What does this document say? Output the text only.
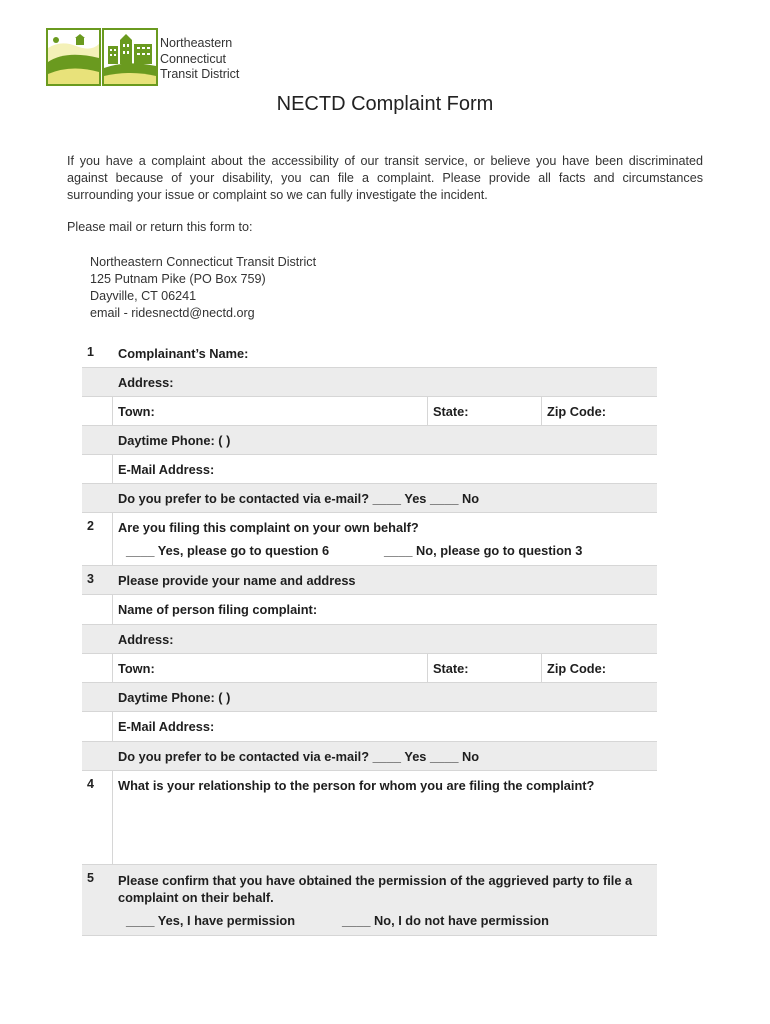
Northeastern
Connecticut
Transit District
NECTD Complaint Form
If you have a complaint about the accessibility of our transit service, or believe you have been discriminated against because of your disability, you can file a complaint. Please provide all facts and circumstances surrounding your issue or complaint so we can fully investigate the incident.
Please mail or return this form to:
Northeastern Connecticut Transit District
125 Putnam Pike (PO Box 759)
Dayville, CT 06241
email - ridesnectd@nectd.org
1 Complainant’s Name:
Address:
Town:	State:	Zip Code:
Daytime Phone: ( )
E-Mail Address:
Do you prefer to be contacted via e-mail? ____ Yes ____ No
2 Are you filing this complaint on your own behalf?
____ Yes, please go to question 6	____ No, please go to question 3
3 Please provide your name and address
Name of person filing complaint:
Address:
Town:	State:	Zip Code:
Daytime Phone: ( )
E-Mail Address:
Do you prefer to be contacted via e-mail? ____ Yes ____ No
4 What is your relationship to the person for whom you are filing the complaint?
5 Please confirm that you have obtained the permission of the aggrieved party to file a complaint on their behalf.
____ Yes, I have permission	____ No, I do not have permission
